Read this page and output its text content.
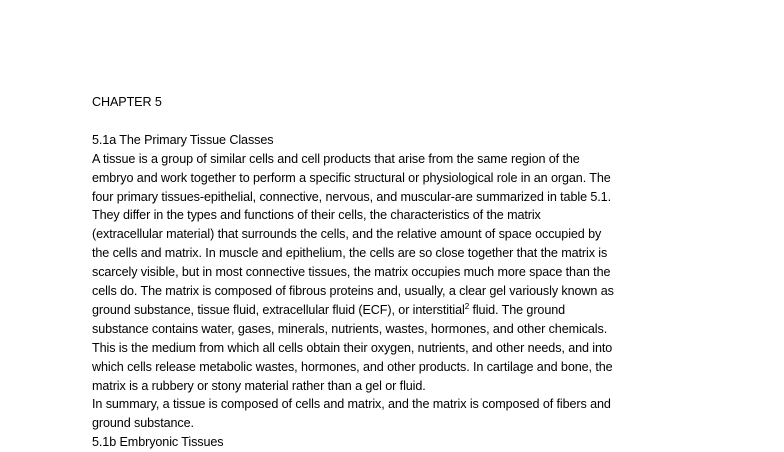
CHAPTER 5
5.1a The Primary Tissue Classes
A tissue is a group of similar cells and cell products that arise from the same region of the
embryo and work together to perform a specific structural or physiological role in an organ. The
four primary tissues-epithelial, connective, nervous, and muscular-are summarized in table 5.1.
They differ in the types and functions of their cells, the characteristics of the matrix
(extracellular material) that surrounds the cells, and the relative amount of space occupied by
the cells and matrix. In muscle and epithelium, the cells are so close together that the matrix is
scarcely visible, but in most connective tissues, the matrix occupies much more space than the
cells do. The matrix is composed of fibrous proteins and, usually, a clear gel variously known as
ground substance, tissue fluid, extracellular fluid (ECF), or interstitial$^2$ fluid. The ground
substance contains water, gases, minerals, nutrients, wastes, hormones, and other chemicals.
This is the medium from which all cells obtain their oxygen, nutrients, and other needs, and into
which cells release metabolic wastes, hormones, and other products. In cartilage and bone, the
matrix is a rubbery or stony material rather than a gel or fluid.
In summary, a tissue is composed of cells and matrix, and the matrix is composed of fibers and
ground substance.
5.1b Embryonic Tissues
